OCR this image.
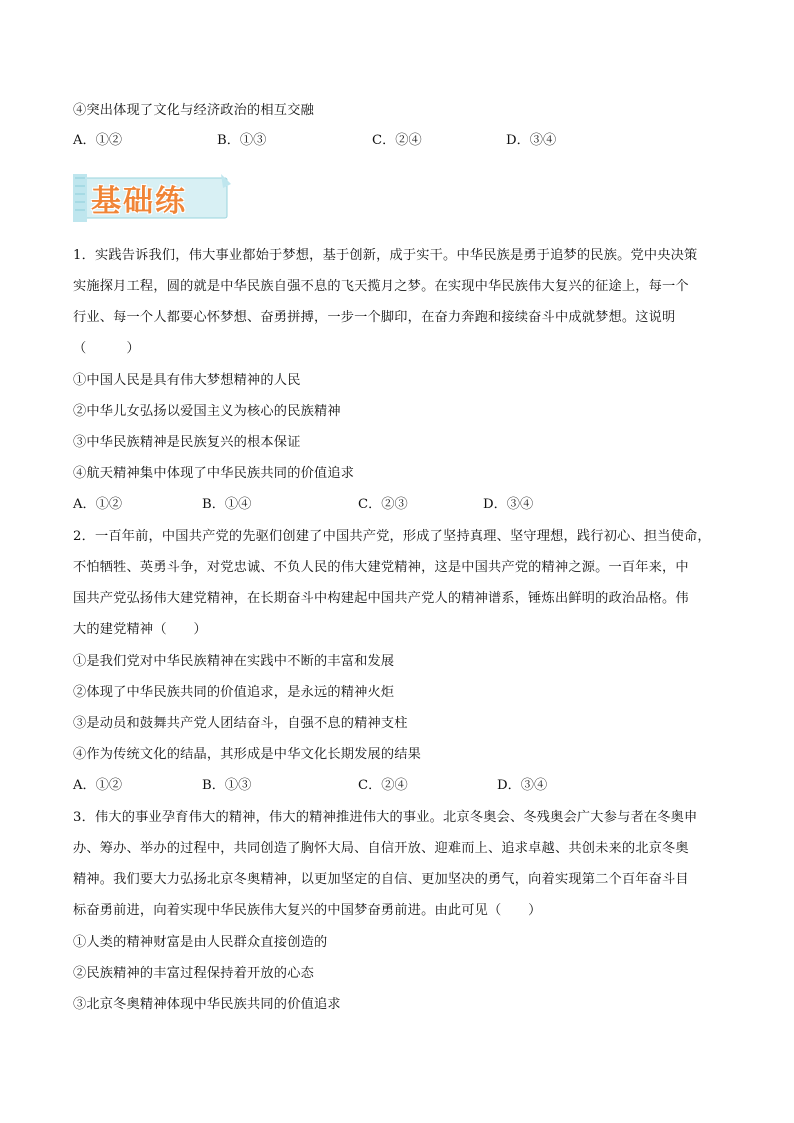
④突出体现了文化与经济政治的相互交融
A．①②	B．①③	C．②④	D．③④
基础练
1．实践告诉我们，伟大事业都始于梦想，基于创新，成于实干。中华民族是勇于追梦的民族。党中央决策
实施探月工程，圆的就是中华民族自强不息的飞天揽月之梦。在实现中华民族伟大复兴的征途上，每一个
行业、每一个人都要心怀梦想、奋勇拼搏，一步一个脚印，在奋力奔跑和接续奋斗中成就梦想。这说明
（　　　）
①中国人民是具有伟大梦想精神的人民
②中华儿女弘扬以爱国主义为核心的民族精神
③中华民族精神是民族复兴的根本保证
④航天精神集中体现了中华民族共同的价值追求
A．①②	B．①④	C．②③	D．③④
2．一百年前，中国共产党的先驱们创建了中国共产党，形成了坚持真理、坚守理想，践行初心、担当使命，
不怕牺牲、英勇斗争，对党忠诚、不负人民的伟大建党精神，这是中国共产党的精神之源。一百年来，中
国共产党弘扬伟大建党精神，在长期奋斗中构建起中国共产党人的精神谱系，锤炼出鲜明的政治品格。伟
大的建党精神（　　）
①是我们党对中华民族精神在实践中不断的丰富和发展
②体现了中华民族共同的价值追求，是永远的精神火炬
③是动员和鼓舞共产党人团结奋斗，自强不息的精神支柱
④作为传统文化的结晶，其形成是中华文化长期发展的结果
A．①②	B．①③	C．②④	D．③④
3．伟大的事业孕育伟大的精神，伟大的精神推进伟大的事业。北京冬奥会、冬残奥会广大参与者在冬奥申
办、筹办、举办的过程中，共同创造了胸怀大局、自信开放、迎难而上、追求卓越、共创未来的北京冬奥
精神。我们要大力弘扬北京冬奥精神，以更加坚定的自信、更加坚决的勇气，向着实现第二个百年奋斗目
标奋勇前进，向着实现中华民族伟大复兴的中国梦奋勇前进。由此可见（　　）
①人类的精神财富是由人民群众直接创造的
②民族精神的丰富过程保持着开放的心态
③北京冬奥精神体现中华民族共同的价值追求
